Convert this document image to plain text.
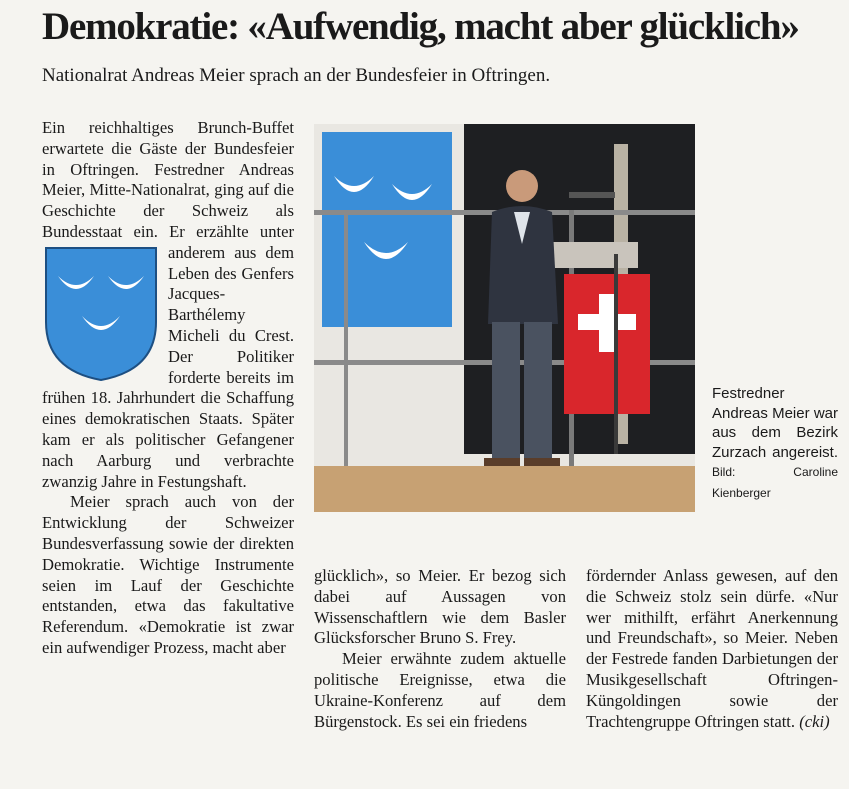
Demokratie: «Aufwendig, macht aber glücklich»
Nationalrat Andreas Meier sprach an der Bundesfeier in Oftringen.

Ein reichhaltiges Brunch-Buffet erwartete die Gäste der Bundesfeier in Oftringen. Festredner Andreas Meier, Mitte-Nationalrat, ging auf die Geschichte der Schweiz als Bundesstaat ein. Er erzählte unter anderem aus dem Leben des Genfers Jacques-Barthélemy Micheli du Crest. Der Politiker forderte bereits im frühen 18. Jahrhundert die Schaffung eines demokratischen Staats. Später kam er als politischer Gefangener nach Aarburg und verbrachte zwanzig Jahre in Festungshaft.

Meier sprach auch von der Entwicklung der Schweizer Bundesverfassung sowie der direkten Demokratie. Wichtige Instrumente seien im Lauf der Geschichte entstanden, etwa das fakultative Referendum. «Demokratie ist zwar ein aufwendiger Prozess, macht aber

Festredner Andreas Meier war aus dem Bezirk Zurzach angereist. Bild: Caroline Kienberger

glücklich», so Meier. Er bezog sich dabei auf Aussagen von Wissenschaftlern wie dem Basler Glücksforscher Bruno S. Frey.

Meier erwähnte zudem aktuelle politische Ereignisse, etwa die Ukraine-Konferenz auf dem Bürgenstock. Es sei ein friedens

fördernder Anlass gewesen, auf den die Schweiz stolz sein dürfe. «Nur wer mithilft, erfährt Anerkennung und Freundschaft», so Meier. Neben der Festrede fanden Darbietungen der Musikgesellschaft Oftringen-Küngoldingen sowie der Trachtengruppe Oftringen statt. (cki)
